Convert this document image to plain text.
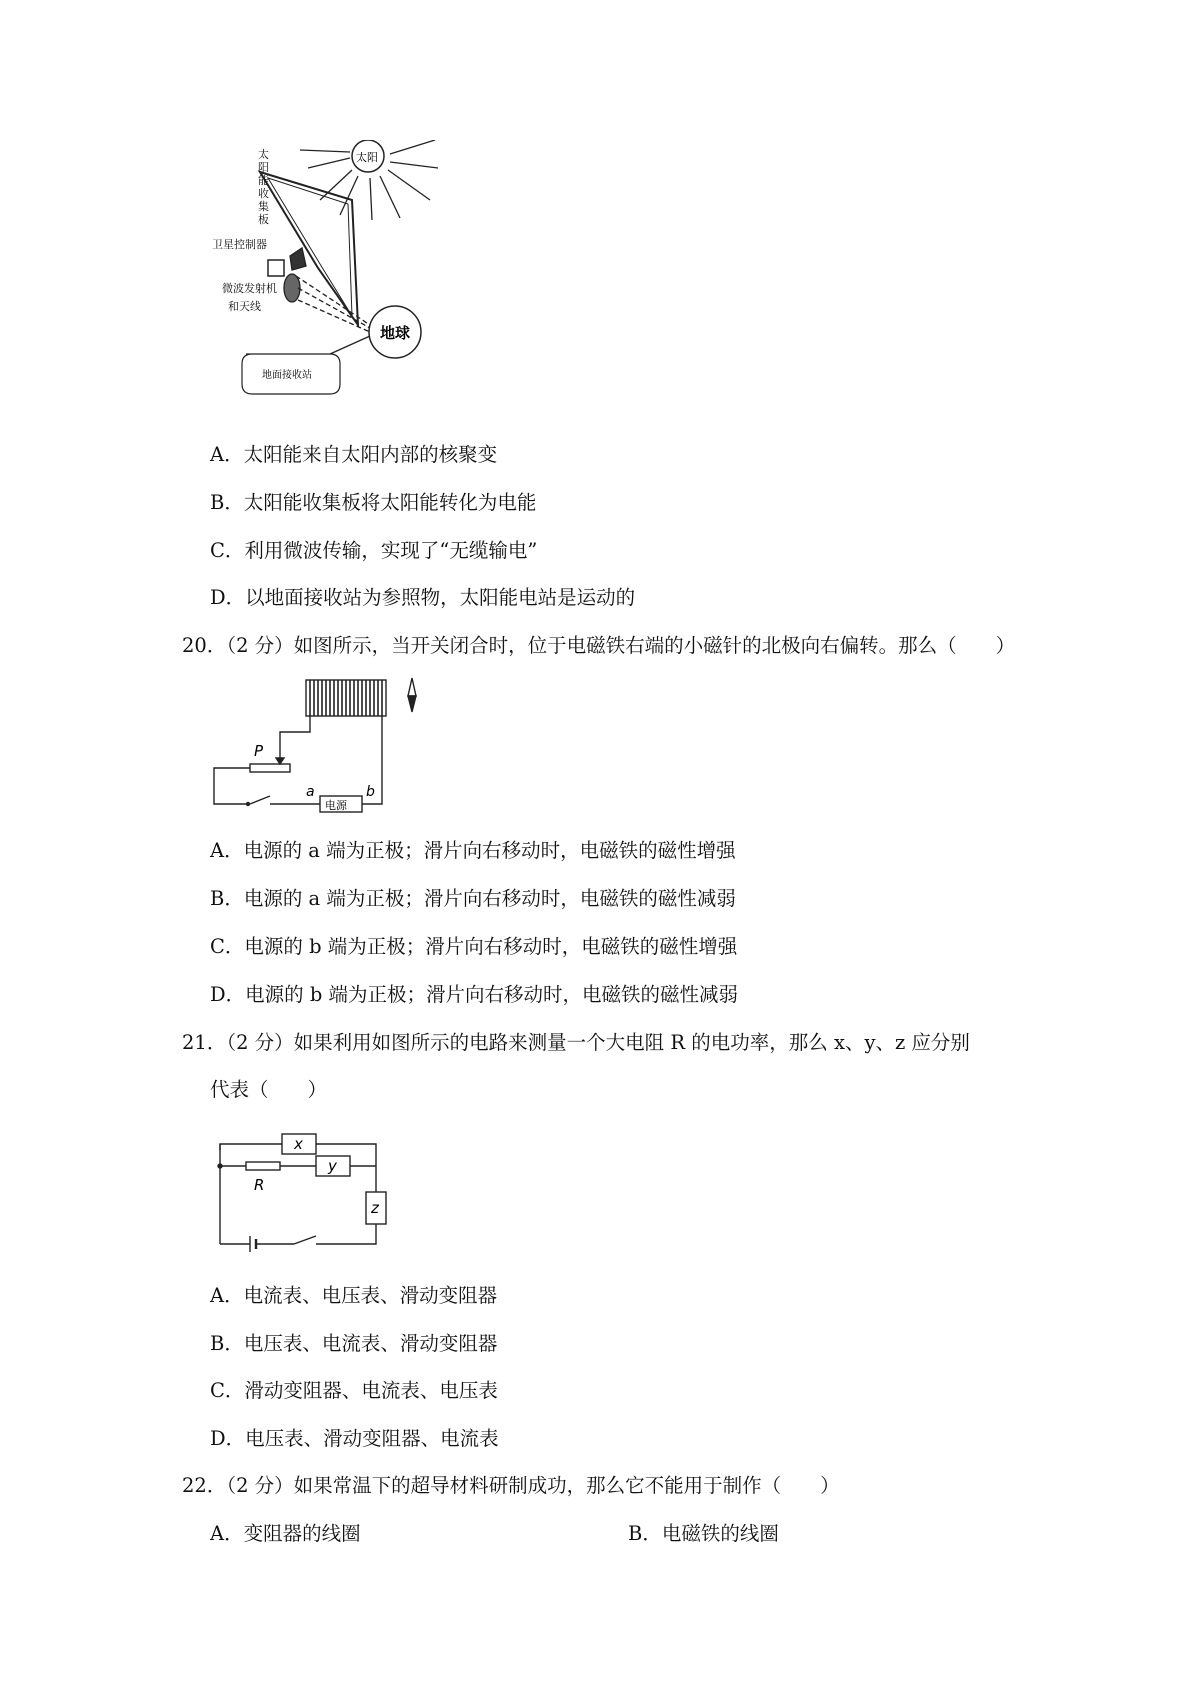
太阳
地球
地面接收站
太阳能收集板
卫星控制器
微波发射机
和天线
A．太阳能来自太阳内部的核聚变
B．太阳能收集板将太阳能转化为电能
C．利用微波传输，实现了“无缆输电”
D．以地面接收站为参照物，太阳能电站是运动的
20．（2 分）如图所示，当开关闭合时，位于电磁铁右端的小磁针的北极向右偏转。那么（　　）
P
a	b
电源
A．电源的 a 端为正极；滑片向右移动时，电磁铁的磁性增强
B．电源的 a 端为正极；滑片向右移动时，电磁铁的磁性减弱
C．电源的 b 端为正极；滑片向右移动时，电磁铁的磁性增强
D．电源的 b 端为正极；滑片向右移动时，电磁铁的磁性减弱
21．（2 分）如果利用如图所示的电路来测量一个大电阻 R 的电功率，那么 x、y、z 应分别
代表（　　）
x
y
z
R
A．电流表、电压表、滑动变阻器
B．电压表、电流表、滑动变阻器
C．滑动变阻器、电流表、电压表
D．电压表、滑动变阻器、电流表
22．（2 分）如果常温下的超导材料研制成功，那么它不能用于制作（　　）
A．变阻器的线圈	B．电磁铁的线圈
